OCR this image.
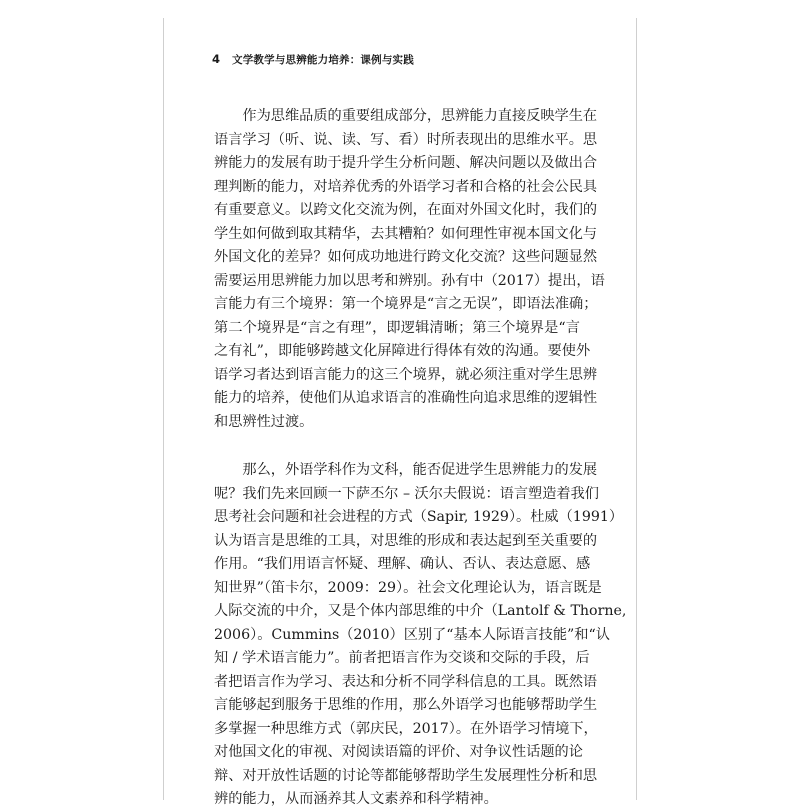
4 文学教学与思辨能力培养：课例与实践
　　作为思维品质的重要组成部分，思辨能力直接反映学生在
语言学习（听、说、读、写、看）时所表现出的思维水平。思
辨能力的发展有助于提升学生分析问题、解决问题以及做出合
理判断的能力，对培养优秀的外语学习者和合格的社会公民具
有重要意义。以跨文化交流为例，在面对外国文化时，我们的
学生如何做到取其精华，去其糟粕？如何理性审视本国文化与
外国文化的差异？如何成功地进行跨文化交流？这些问题显然
需要运用思辨能力加以思考和辨别。孙有中（2017）提出，语
言能力有三个境界：第一个境界是“言之无误”，即语法准确；
第二个境界是“言之有理”，即逻辑清晰；第三个境界是“言
之有礼”，即能够跨越文化屏障进行得体有效的沟通。要使外
语学习者达到语言能力的这三个境界，就必须注重对学生思辨
能力的培养，使他们从追求语言的准确性向追求思维的逻辑性
和思辨性过渡。
　　那么，外语学科作为文科，能否促进学生思辨能力的发展
呢？我们先来回顾一下萨丕尔 – 沃尔夫假说：语言塑造着我们
思考社会问题和社会进程的方式（Sapir, 1929）。杜威（1991）
认为语言是思维的工具，对思维的形成和表达起到至关重要的
作用。“我们用语言怀疑、理解、确认、否认、表达意愿、感
知世界”（笛卡尔，2009：29）。社会文化理论认为，语言既是
人际交流的中介，又是个体内部思维的中介（Lantolf & Thorne,
2006）。Cummins（2010）区别了“基本人际语言技能”和“认
知 / 学术语言能力”。前者把语言作为交谈和交际的手段，后
者把语言作为学习、表达和分析不同学科信息的工具。既然语
言能够起到服务于思维的作用，那么外语学习也能够帮助学生
多掌握一种思维方式（郭庆民，2017）。在外语学习情境下，
对他国文化的审视、对阅读语篇的评价、对争议性话题的论
辩、对开放性话题的讨论等都能够帮助学生发展理性分析和思
辨的能力，从而涵养其人文素养和科学精神。
